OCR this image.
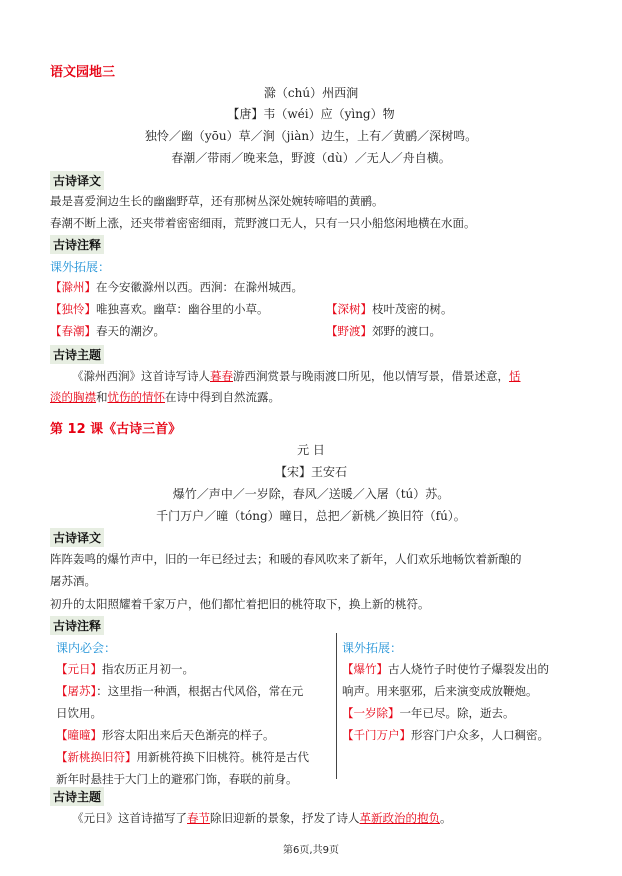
语文园地三
滁（chú）州西涧
【唐】韦（wéi）应（yìng）物
独怜／幽（yōu）草／涧（jiàn）边生，上有／黄鹂／深树鸣。
春潮／带雨／晚来急，野渡（dù）／无人／舟自横。
古诗译文
最是喜爱涧边生长的幽幽野草，还有那树丛深处婉转啼唱的黄鹂。
春潮不断上涨，还夹带着密密细雨，荒野渡口无人，只有一只小船悠闲地横在水面。
古诗注释
课外拓展：
【滁州】在今安徽滁州以西。西涧：在滁州城西。
【独怜】唯独喜欢。幽草：幽谷里的小草。	【深树】枝叶茂密的树。
【春潮】春天的潮汐。	【野渡】郊野的渡口。
古诗主题
《滁州西涧》这首诗写诗人暮春游西涧赏景与晚雨渡口所见，他以情写景，借景述意，恬
淡的胸襟和忧伤的情怀在诗中得到自然流露。
第 12 课《古诗三首》
元 日
【宋】王安石
爆竹／声中／一岁除，春风／送暖／入屠（tú）苏。
千门万户／曈（tóng）曈日，总把／新桃／换旧符（fú）。
古诗译文
阵阵轰鸣的爆竹声中，旧的一年已经过去；和暖的春风吹来了新年，人们欢乐地畅饮着新酿的
屠苏酒。
初升的太阳照耀着千家万户，他们都忙着把旧的桃符取下，换上新的桃符。
古诗注释
课内必会：	课外拓展：
【元日】指农历正月初一。
【屠苏】：这里指一种酒，根据古代风俗，常在元
日饮用。
【曈曈】形容太阳出来后天色渐亮的样子。
【新桃换旧符】用新桃符换下旧桃符。桃符是古代
新年时悬挂于大门上的避邪门饰，春联的前身。
【爆竹】古人烧竹子时使竹子爆裂发出的
响声。用来驱邪，后来演变成放鞭炮。
【一岁除】一年已尽。除，逝去。
【千门万户】形容门户众多，人口稠密。
古诗主题
《元日》这首诗描写了春节除旧迎新的景象，抒发了诗人革新政治的抱负。
第6页,共9页
